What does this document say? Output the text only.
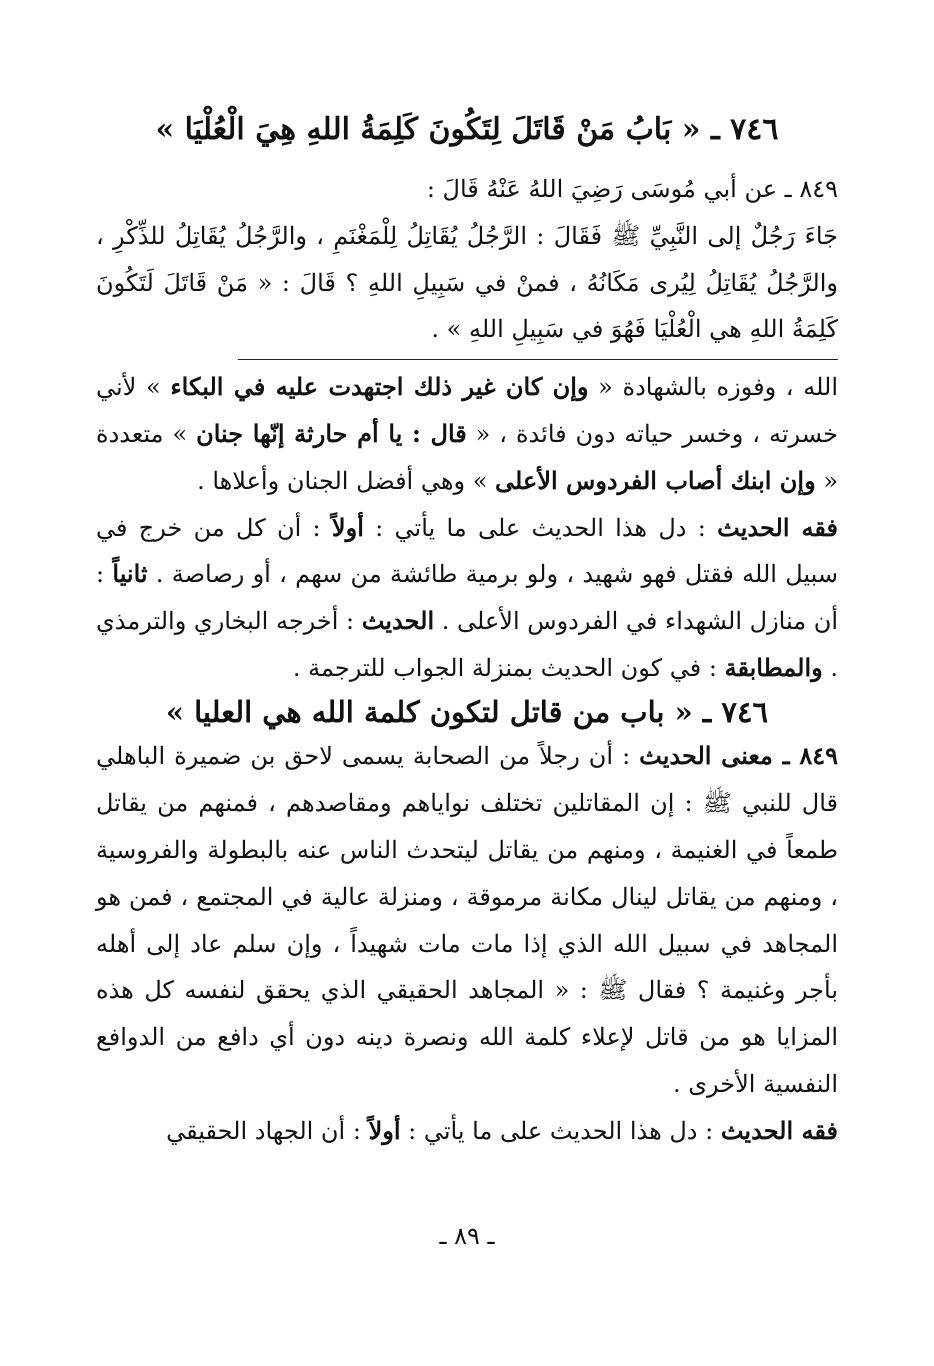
٧٤٦ ـ « بَابُ مَنْ قَاتَلَ لِتَكُونَ كَلِمَةُ اللهِ هِيَ الْعُلْيَا »

٨٤٩ ـ عن أبي مُوسَى رَضِيَ اللهُ عَنْهُ قَالَ :

جَاءَ رَجُلٌ إلى النَّبِيِّ ﷺ فَقَالَ : الرَّجُلُ يُقَاتِلُ لِلْمَغْنَمِ ، والرَّجُلُ يُقَاتِلُ للذِّكْرِ ، والرَّجُلُ يُقَاتِلُ لِيُرى مَكَانُهُ ، فمنْ في سَبِيلِ اللهِ ؟ قَالَ : « مَنْ قَاتَلَ لَتَكُونَ كَلِمَةُ اللهِ هي الْعُلْيَا فَهُوَ في سَبِيلِ اللهِ » .

الله ، وفوزه بالشهادة « وإن كان غير ذلك اجتهدت عليه في البكاء » لأني خسرته ، وخسر حياته دون فائدة ، « قال : يا أم حارثة إنّها جنان » متعددة « وإن ابنك أصاب الفردوس الأعلى » وهي أفضل الجنان وأعلاها .

فقه الحديث : دل هذا الحديث على ما يأتي : أولاً : أن كل من خرج في سبيل الله فقتل فهو شهيد ، ولو برمية طائشة من سهم ، أو رصاصة . ثانياً : أن منازل الشهداء في الفردوس الأعلى . الحديث : أخرجه البخاري والترمذي . والمطابقة : في كون الحديث بمنزلة الجواب للترجمة .

٧٤٦ ـ « باب من قاتل لتكون كلمة الله هي العليا »

٨٤٩ ـ معنى الحديث : أن رجلاً من الصحابة يسمى لاحق بن ضميرة الباهلي قال للنبي ﷺ : إن المقاتلين تختلف نواياهم ومقاصدهم ، فمنهم من يقاتل طمعاً في الغنيمة ، ومنهم من يقاتل ليتحدث الناس عنه بالبطولة والفروسية ، ومنهم من يقاتل لينال مكانة مرموقة ، ومنزلة عالية في المجتمع ، فمن هو المجاهد في سبيل الله الذي إذا مات مات شهيداً ، وإن سلم عاد إلى أهله بأجر وغنيمة ؟ فقال ﷺ : « المجاهد الحقيقي الذي يحقق لنفسه كل هذه المزايا هو من قاتل لإعلاء كلمة الله ونصرة دينه دون أي دافع من الدوافع النفسية الأخرى .

فقه الحديث : دل هذا الحديث على ما يأتي : أولاً : أن الجهاد الحقيقي

ـ ٨٩ ـ
